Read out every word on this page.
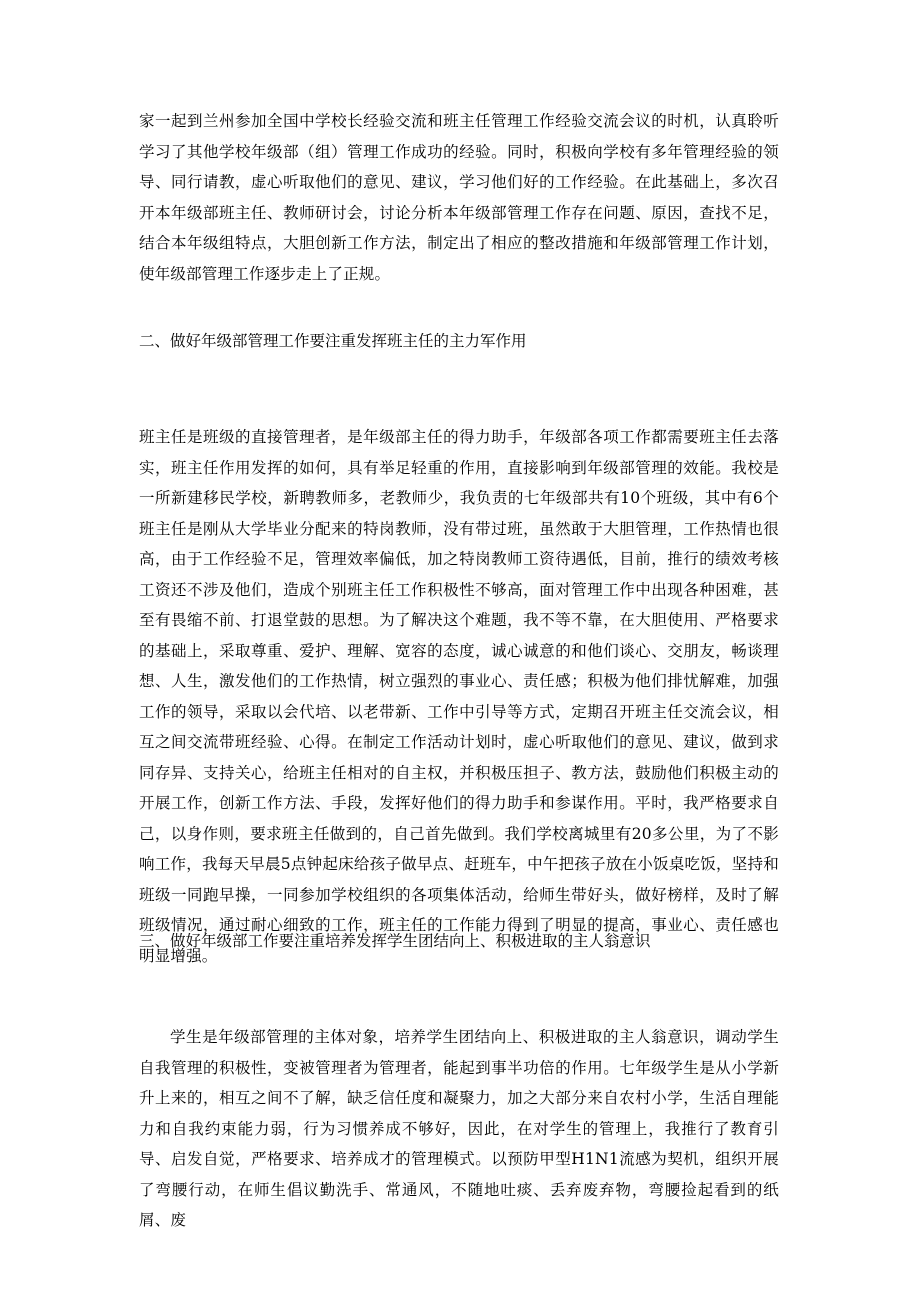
家一起到兰州参加全国中学校长经验交流和班主任管理工作经验交流会议的时机，认真聆听学习了其他学校年级部（组）管理工作成功的经验。同时，积极向学校有多年管理经验的领导、同行请教，虚心听取他们的意见、建议，学习他们好的工作经验。在此基础上，多次召开本年级部班主任、教师研讨会，讨论分析本年级部管理工作存在问题、原因，查找不足，结合本年级组特点，大胆创新工作方法，制定出了相应的整改措施和年级部管理工作计划，使年级部管理工作逐步走上了正规。

二、做好年级部管理工作要注重发挥班主任的主力军作用

班主任是班级的直接管理者，是年级部主任的得力助手，年级部各项工作都需要班主任去落实，班主任作用发挥的如何，具有举足轻重的作用，直接影响到年级部管理的效能。我校是一所新建移民学校，新聘教师多，老教师少，我负责的七年级部共有10个班级，其中有6个班主任是刚从大学毕业分配来的特岗教师，没有带过班，虽然敢于大胆管理，工作热情也很高，由于工作经验不足，管理效率偏低，加之特岗教师工资待遇低，目前，推行的绩效考核工资还不涉及他们，造成个别班主任工作积极性不够高，面对管理工作中出现各种困难，甚至有畏缩不前、打退堂鼓的思想。为了解决这个难题，我不等不靠，在大胆使用、严格要求的基础上，采取尊重、爱护、理解、宽容的态度，诚心诚意的和他们谈心、交朋友，畅谈理想、人生，激发他们的工作热情，树立强烈的事业心、责任感；积极为他们排忧解难，加强工作的领导，采取以会代培、以老带新、工作中引导等方式，定期召开班主任交流会议，相互之间交流带班经验、心得。在制定工作活动计划时，虚心听取他们的意见、建议，做到求同存异、支持关心，给班主任相对的自主权，并积极压担子、教方法，鼓励他们积极主动的开展工作，创新工作方法、手段，发挥好他们的得力助手和参谋作用。平时，我严格要求自己，以身作则，要求班主任做到的，自己首先做到。我们学校离城里有20多公里，为了不影响工作，我每天早晨5点钟起床给孩子做早点、赶班车，中午把孩子放在小饭桌吃饭，坚持和班级一同跑早操，一同参加学校组织的各项集体活动，给师生带好头，做好榜样，及时了解班级情况，通过耐心细致的工作，班主任的工作能力得到了明显的提高，事业心、责任感也明显增强。

三、做好年级部工作要注重培养发挥学生团结向上、积极进取的主人翁意识

学生是年级部管理的主体对象，培养学生团结向上、积极进取的主人翁意识，调动学生自我管理的积极性，变被管理者为管理者，能起到事半功倍的作用。七年级学生是从小学新升上来的，相互之间不了解，缺乏信任度和凝聚力，加之大部分来自农村小学，生活自理能力和自我约束能力弱，行为习惯养成不够好，因此，在对学生的管理上，我推行了教育引导、启发自觉，严格要求、培养成才的管理模式。以预防甲型H1N1流感为契机，组织开展了弯腰行动，在师生倡议勤洗手、常通风，不随地吐痰、丢弃废弃物，弯腰捡起看到的纸屑、废
